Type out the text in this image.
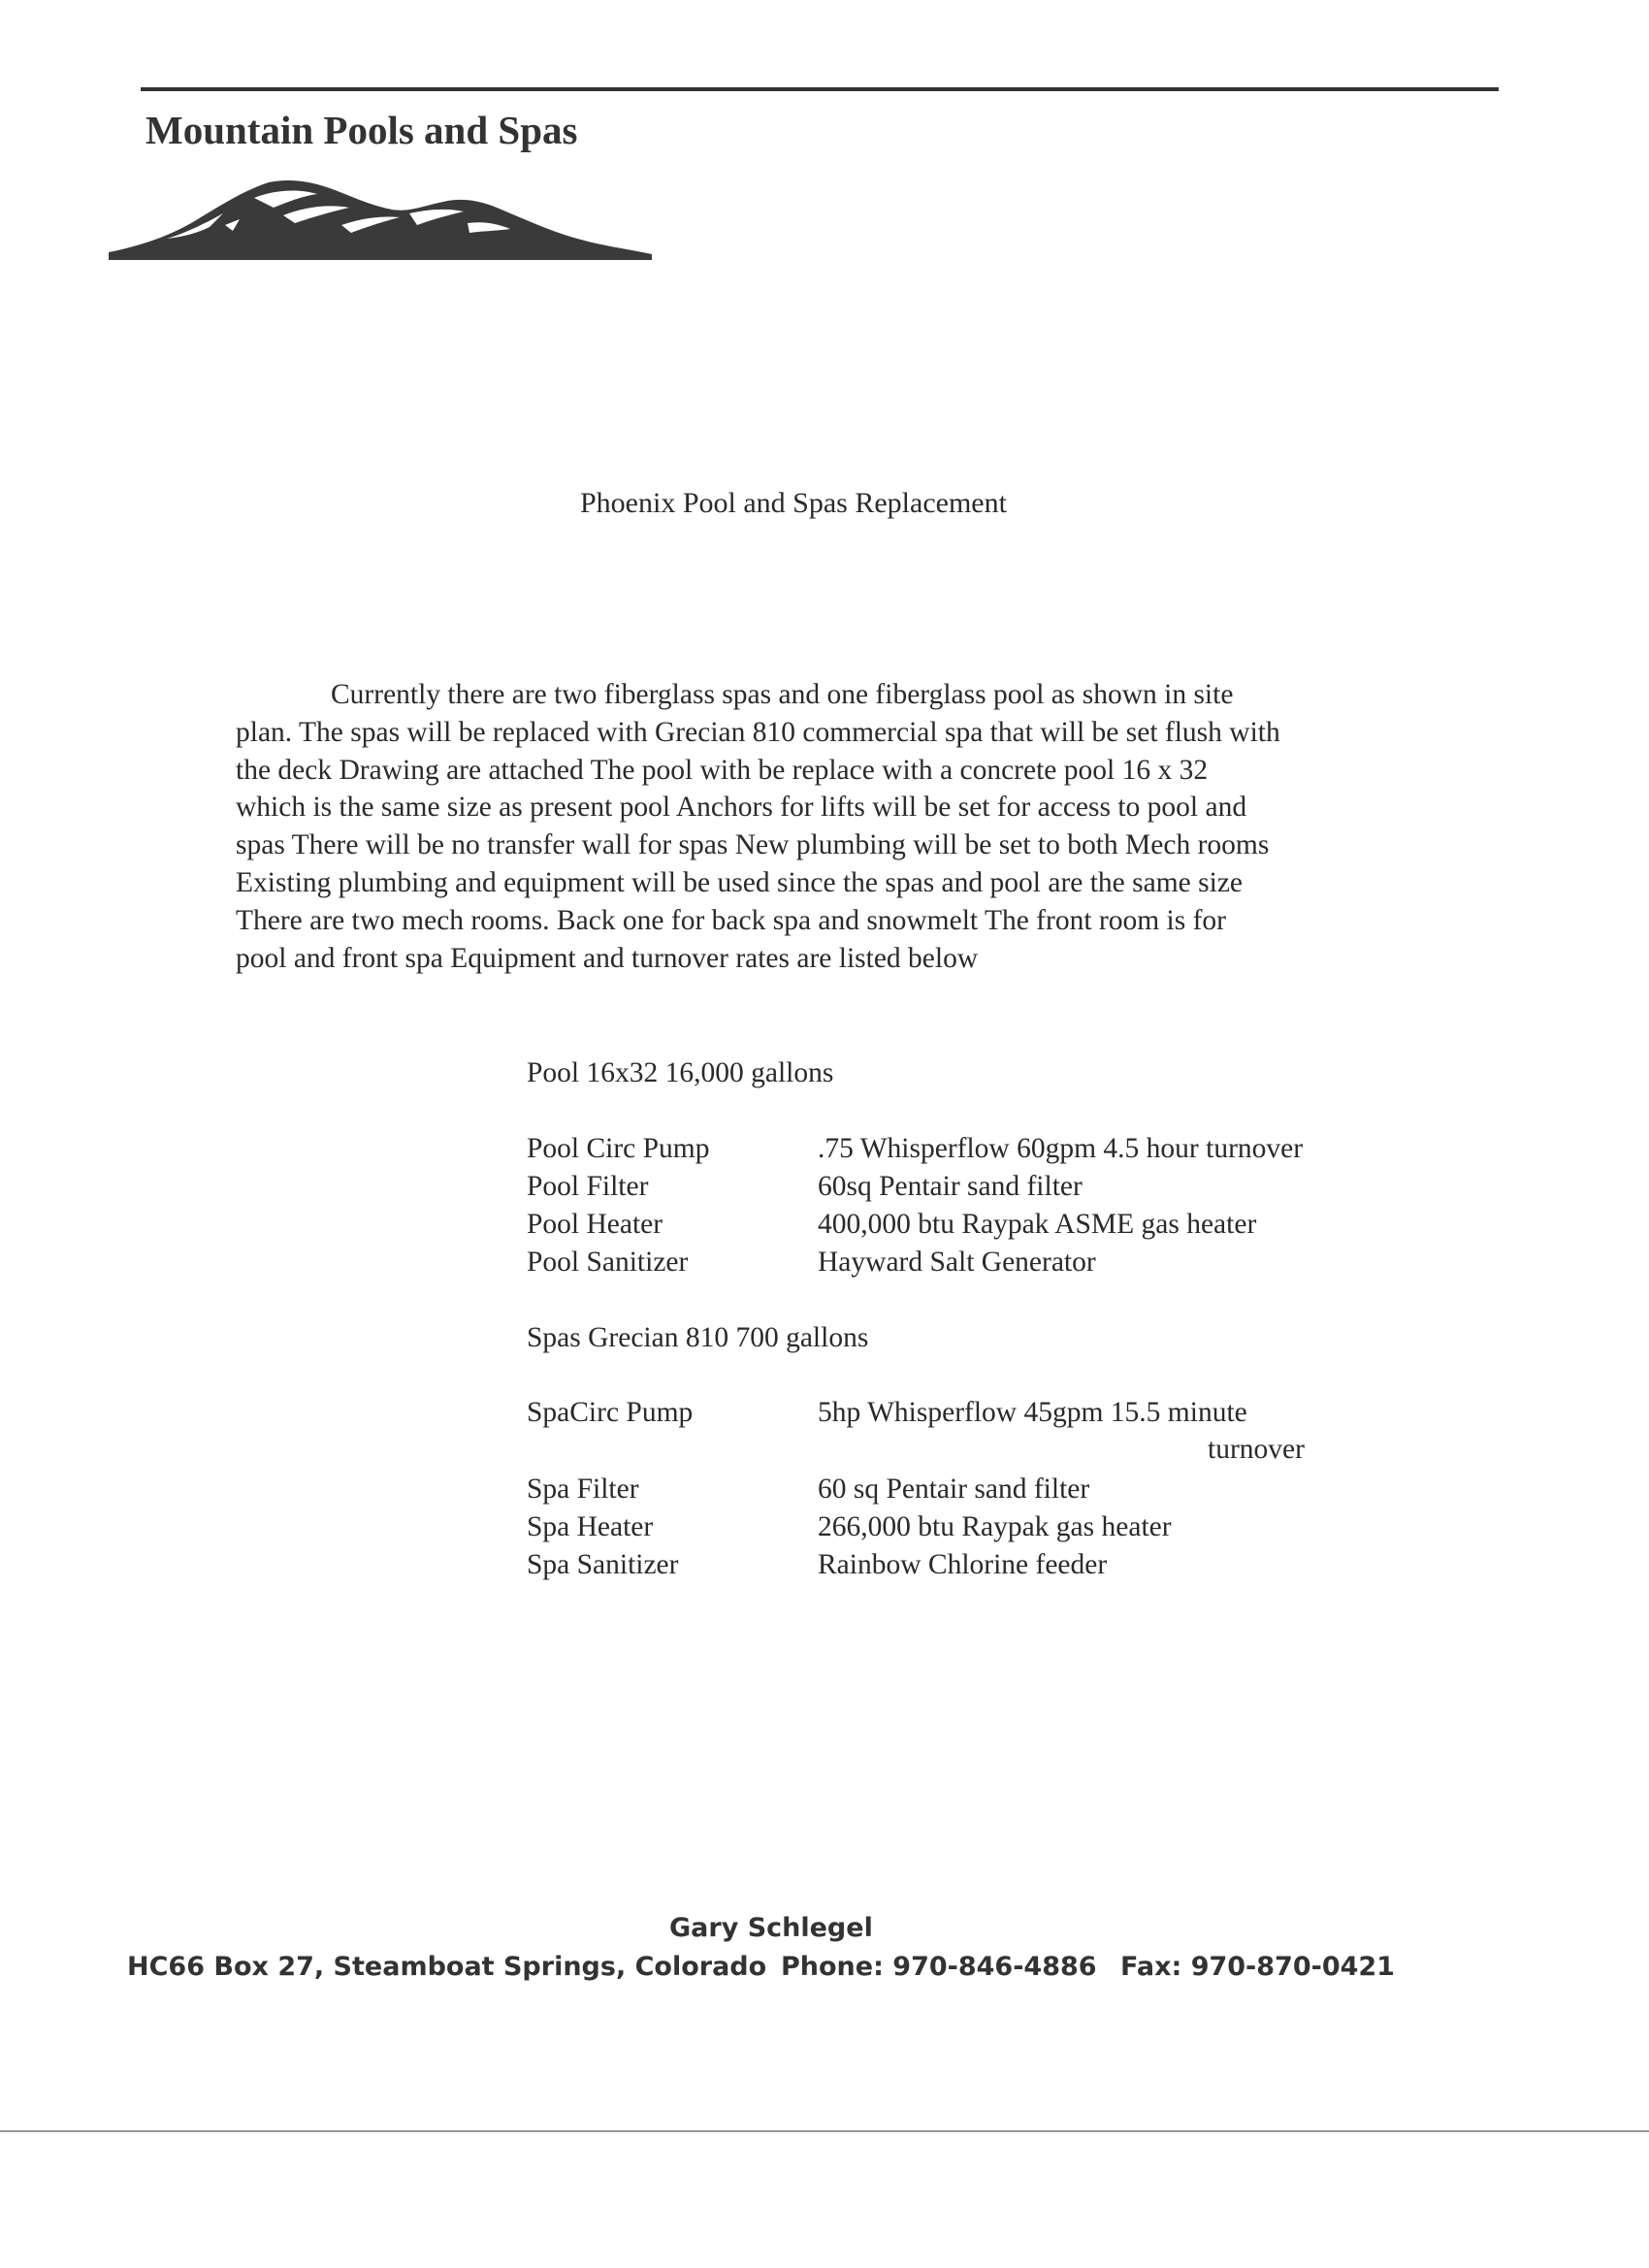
Mountain Pools and Spas
Phoenix Pool and Spas Replacement

Currently there are two fiberglass spas and one fiberglass pool as shown in site
plan. The spas will be replaced with Grecian 810 commercial spa that will be set flush with
the deck Drawing are attached The pool with be replace with a concrete pool 16 x 32
which is the same size as present pool Anchors for lifts will be set for access to pool and
spas There will be no transfer wall for spas New plumbing will be set to both Mech rooms
Existing plumbing and equipment will be used since the spas and pool are the same size
There are two mech rooms. Back one for back spa and snowmelt The front room is for
pool and front spa Equipment and turnover rates are listed below

Pool 16x32 16,000 gallons
Pool Circ Pump	.75 Whisperflow 60gpm 4.5 hour turnover
Pool Filter	60sq Pentair sand filter
Pool Heater	400,000 btu Raypak ASME gas heater
Pool Sanitizer	Hayward Salt Generator
Spas Grecian 810 700 gallons
SpaCirc Pump	5hp Whisperflow 45gpm 15.5 minute
turnover
Spa Filter	60 sq Pentair sand filter
Spa Heater	266,000 btu Raypak gas heater
Spa Sanitizer	Rainbow Chlorine feeder
Gary Schlegel
HC66 Box 27, Steamboat Springs, Colorado Phone: 970-846-4886 Fax: 970-870-0421
